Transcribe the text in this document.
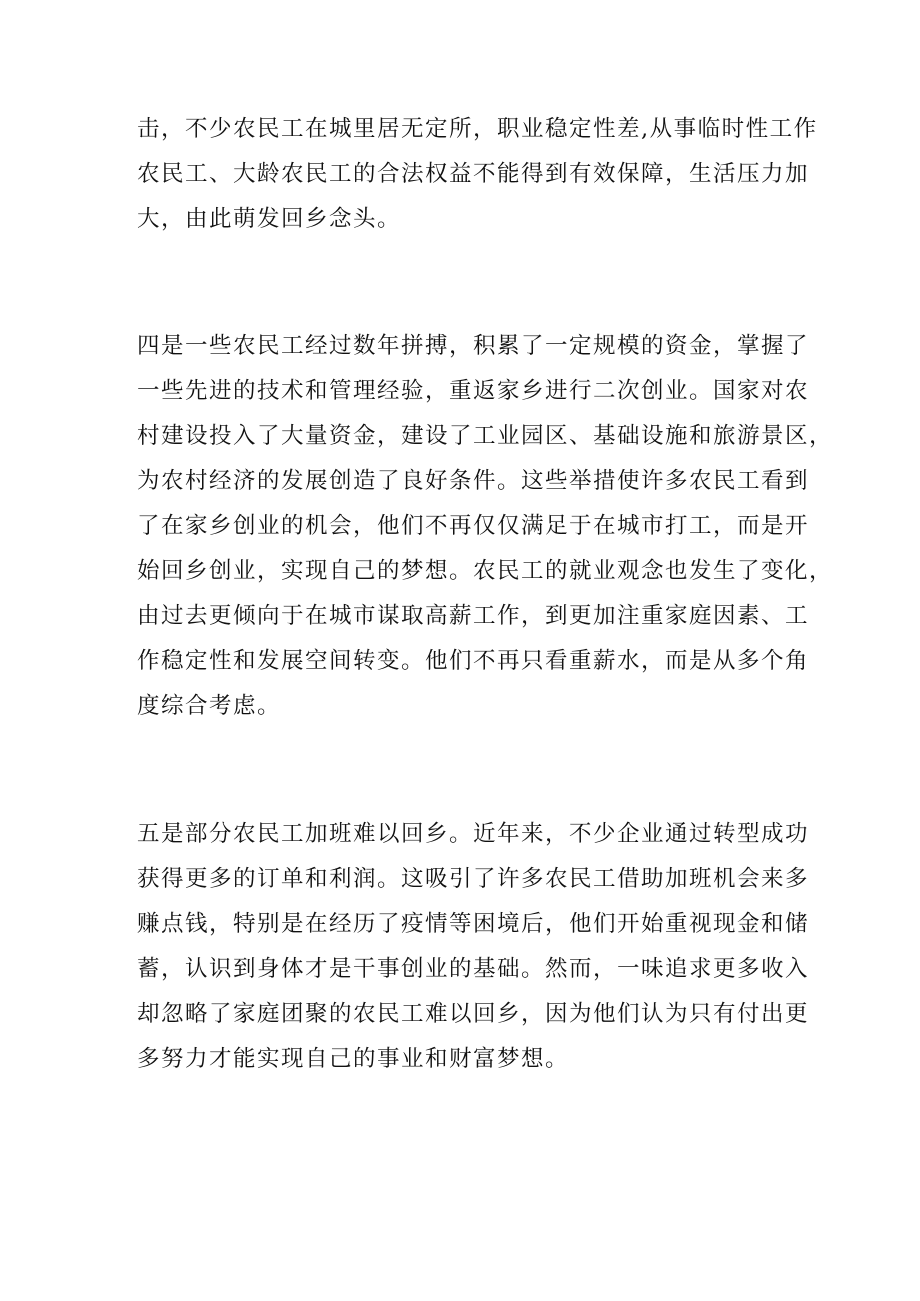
击，不少农民工在城里居无定所，职业稳定性差,从事临时性工作
农民工、大龄农民工的合法权益不能得到有效保障，生活压力加
大，由此萌发回乡念头。

四是一些农民工经过数年拼搏，积累了一定规模的资金，掌握了
一些先进的技术和管理经验，重返家乡进行二次创业。国家对农
村建设投入了大量资金，建设了工业园区、基础设施和旅游景区，
为农村经济的发展创造了良好条件。这些举措使许多农民工看到
了在家乡创业的机会，他们不再仅仅满足于在城市打工，而是开
始回乡创业，实现自己的梦想。农民工的就业观念也发生了变化，
由过去更倾向于在城市谋取高薪工作，到更加注重家庭因素、工
作稳定性和发展空间转变。他们不再只看重薪水，而是从多个角
度综合考虑。

五是部分农民工加班难以回乡。近年来，不少企业通过转型成功
获得更多的订单和利润。这吸引了许多农民工借助加班机会来多
赚点钱，特别是在经历了疫情等困境后，他们开始重视现金和储
蓄，认识到身体才是干事创业的基础。然而，一味追求更多收入
却忽略了家庭团聚的农民工难以回乡，因为他们认为只有付出更
多努力才能实现自己的事业和财富梦想。
